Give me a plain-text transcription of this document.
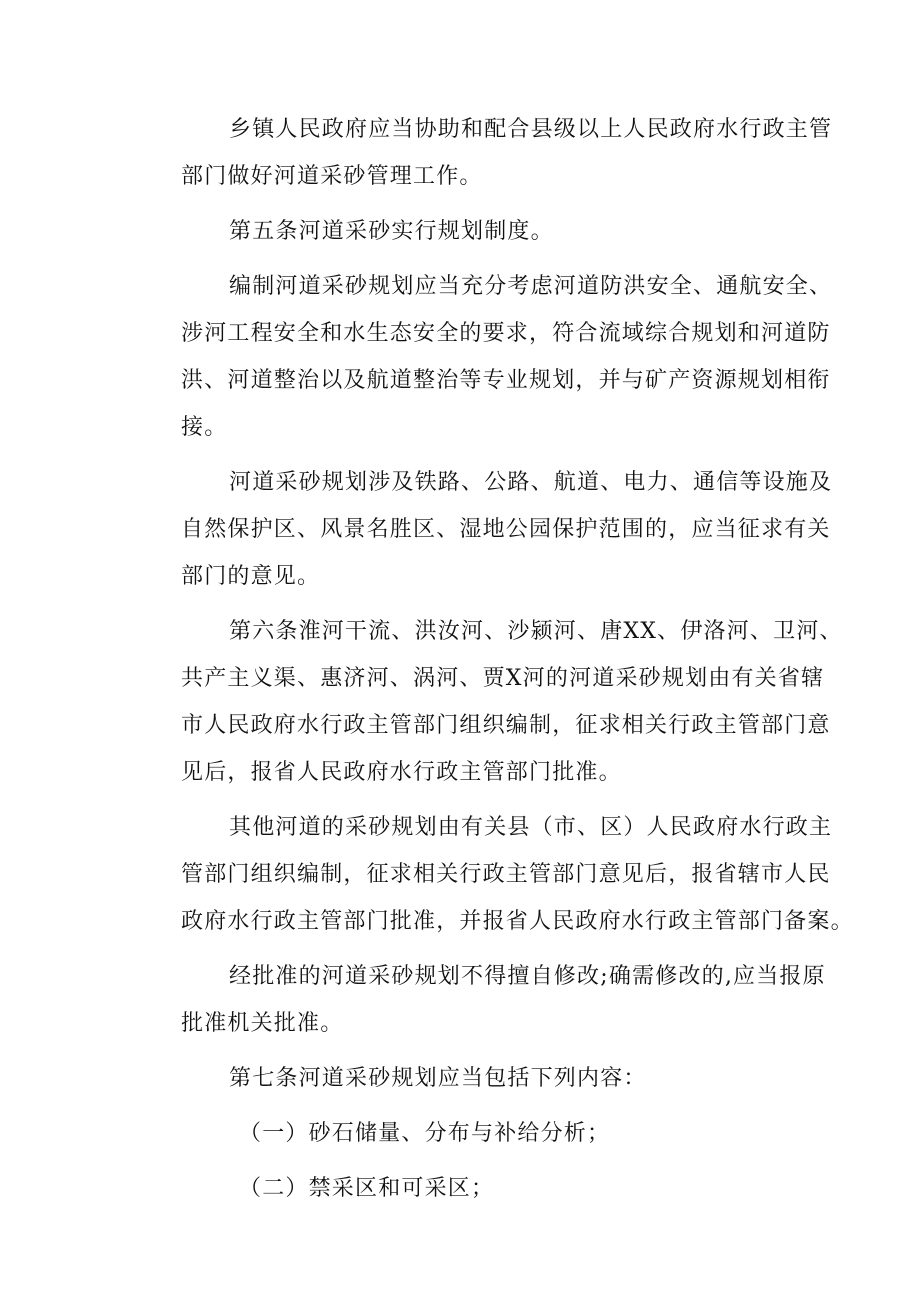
乡镇人民政府应当协助和配合县级以上人民政府水行政主管
部门做好河道采砂管理工作。
第五条河道采砂实行规划制度。
编制河道采砂规划应当充分考虑河道防洪安全、通航安全、
涉河工程安全和水生态安全的要求，符合流域综合规划和河道防
洪、河道整治以及航道整治等专业规划，并与矿产资源规划相衔
接。
河道采砂规划涉及铁路、公路、航道、电力、通信等设施及
自然保护区、风景名胜区、湿地公园保护范围的，应当征求有关
部门的意见。
第六条淮河干流、洪汝河、沙颍河、唐XX、伊洛河、卫河、
共产主义渠、惠济河、涡河、贾X河的河道采砂规划由有关省辖
市人民政府水行政主管部门组织编制，征求相关行政主管部门意
见后，报省人民政府水行政主管部门批准。
其他河道的采砂规划由有关县（市、区）人民政府水行政主
管部门组织编制，征求相关行政主管部门意见后，报省辖市人民
政府水行政主管部门批准，并报省人民政府水行政主管部门备案。
经批准的河道采砂规划不得擅自修改;确需修改的,应当报原
批准机关批准。
第七条河道采砂规划应当包括下列内容：
（一）砂石储量、分布与补给分析；
（二）禁采区和可采区；
